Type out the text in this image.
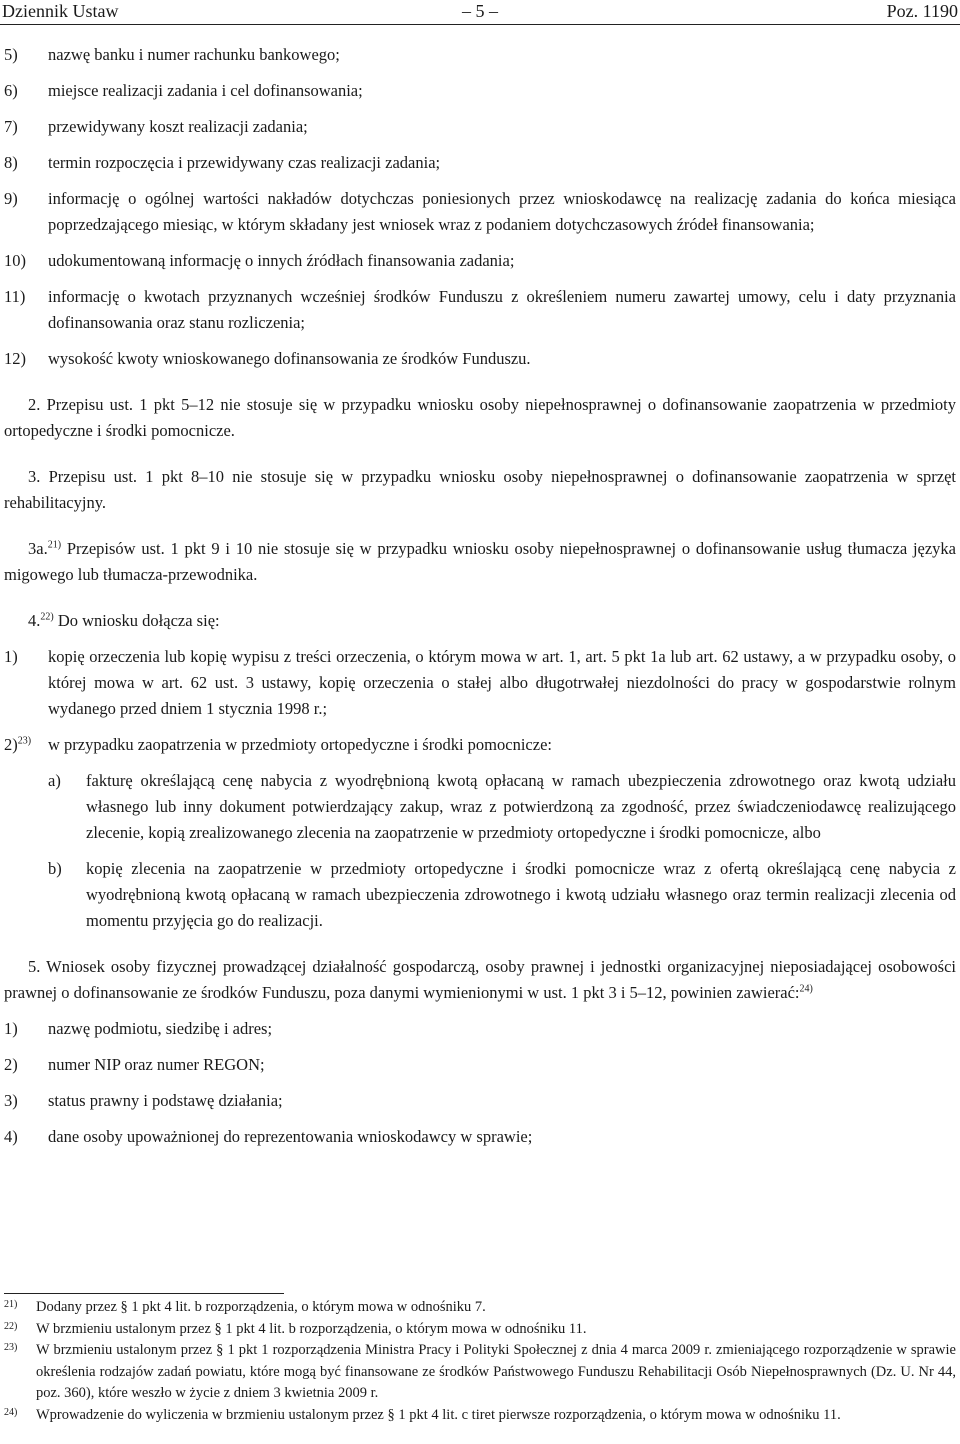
Dziennik Ustaw	– 5 –	Poz. 1190
5) nazwę banku i numer rachunku bankowego;
6) miejsce realizacji zadania i cel dofinansowania;
7) przewidywany koszt realizacji zadania;
8) termin rozpoczęcia i przewidywany czas realizacji zadania;
9) informację o ogólnej wartości nakładów dotychczas poniesionych przez wnioskodawcę na realizację zadania do końca miesiąca poprzedzającego miesiąc, w którym składany jest wniosek wraz z podaniem dotychczasowych źródeł finansowania;
10) udokumentowaną informację o innych źródłach finansowania zadania;
11) informację o kwotach przyznanych wcześniej środków Funduszu z określeniem numeru zawartej umowy, celu i daty przyznania dofinansowania oraz stanu rozliczenia;
12) wysokość kwoty wnioskowanego dofinansowania ze środków Funduszu.
2. Przepisu ust. 1 pkt 5–12 nie stosuje się w przypadku wniosku osoby niepełnosprawnej o dofinansowanie zaopatrzenia w przedmioty ortopedyczne i środki pomocnicze.
3. Przepisu ust. 1 pkt 8–10 nie stosuje się w przypadku wniosku osoby niepełnosprawnej o dofinansowanie zaopatrzenia w sprzęt rehabilitacyjny.
3a.$^{21)}$ Przepisów ust. 1 pkt 9 i 10 nie stosuje się w przypadku wniosku osoby niepełnosprawnej o dofinansowanie usług tłumacza języka migowego lub tłumacza-przewodnika.
4.$^{22)}$ Do wniosku dołącza się:
1) kopię orzeczenia lub kopię wypisu z treści orzeczenia, o którym mowa w art. 1, art. 5 pkt 1a lub art. 62 ustawy, a w przypadku osoby, o której mowa w art. 62 ust. 3 ustawy, kopię orzeczenia o stałej albo długotrwałej niezdolności do pracy w gospodarstwie rolnym wydanego przed dniem 1 stycznia 1998 r.;
2)$^{23)}$ w przypadku zaopatrzenia w przedmioty ortopedyczne i środki pomocnicze:
a) fakturę określającą cenę nabycia z wyodrębnioną kwotą opłacaną w ramach ubezpieczenia zdrowotnego oraz kwotą udziału własnego lub inny dokument potwierdzający zakup, wraz z potwierdzoną za zgodność, przez świadczeniodawcę realizującego zlecenie, kopią zrealizowanego zlecenia na zaopatrzenie w przedmioty ortopedyczne i środki pomocnicze, albo
b) kopię zlecenia na zaopatrzenie w przedmioty ortopedyczne i środki pomocnicze wraz z ofertą określającą cenę nabycia z wyodrębnioną kwotą opłacaną w ramach ubezpieczenia zdrowotnego i kwotą udziału własnego oraz termin realizacji zlecenia od momentu przyjęcia go do realizacji.
5. Wniosek osoby fizycznej prowadzącej działalność gospodarczą, osoby prawnej i jednostki organizacyjnej nieposiadającej osobowości prawnej o dofinansowanie ze środków Funduszu, poza danymi wymienionymi w ust. 1 pkt 3 i 5–12, powinien zawierać:$^{24)}$
1) nazwę podmiotu, siedzibę i adres;
2) numer NIP oraz numer REGON;
3) status prawny i podstawę działania;
4) dane osoby upoważnionej do reprezentowania wnioskodawcy w sprawie;
21) Dodany przez § 1 pkt 4 lit. b rozporządzenia, o którym mowa w odnośniku 7.
22) W brzmieniu ustalonym przez § 1 pkt 4 lit. b rozporządzenia, o którym mowa w odnośniku 11.
23) W brzmieniu ustalonym przez § 1 pkt 1 rozporządzenia Ministra Pracy i Polityki Społecznej z dnia 4 marca 2009 r. zmieniającego rozporządzenie w sprawie określenia rodzajów zadań powiatu, które mogą być finansowane ze środków Państwowego Funduszu Rehabilitacji Osób Niepełnosprawnych (Dz. U. Nr 44, poz. 360), które weszło w życie z dniem 3 kwietnia 2009 r.
24) Wprowadzenie do wyliczenia w brzmieniu ustalonym przez § 1 pkt 4 lit. c tiret pierwsze rozporządzenia, o którym mowa w odnośniku 11.
